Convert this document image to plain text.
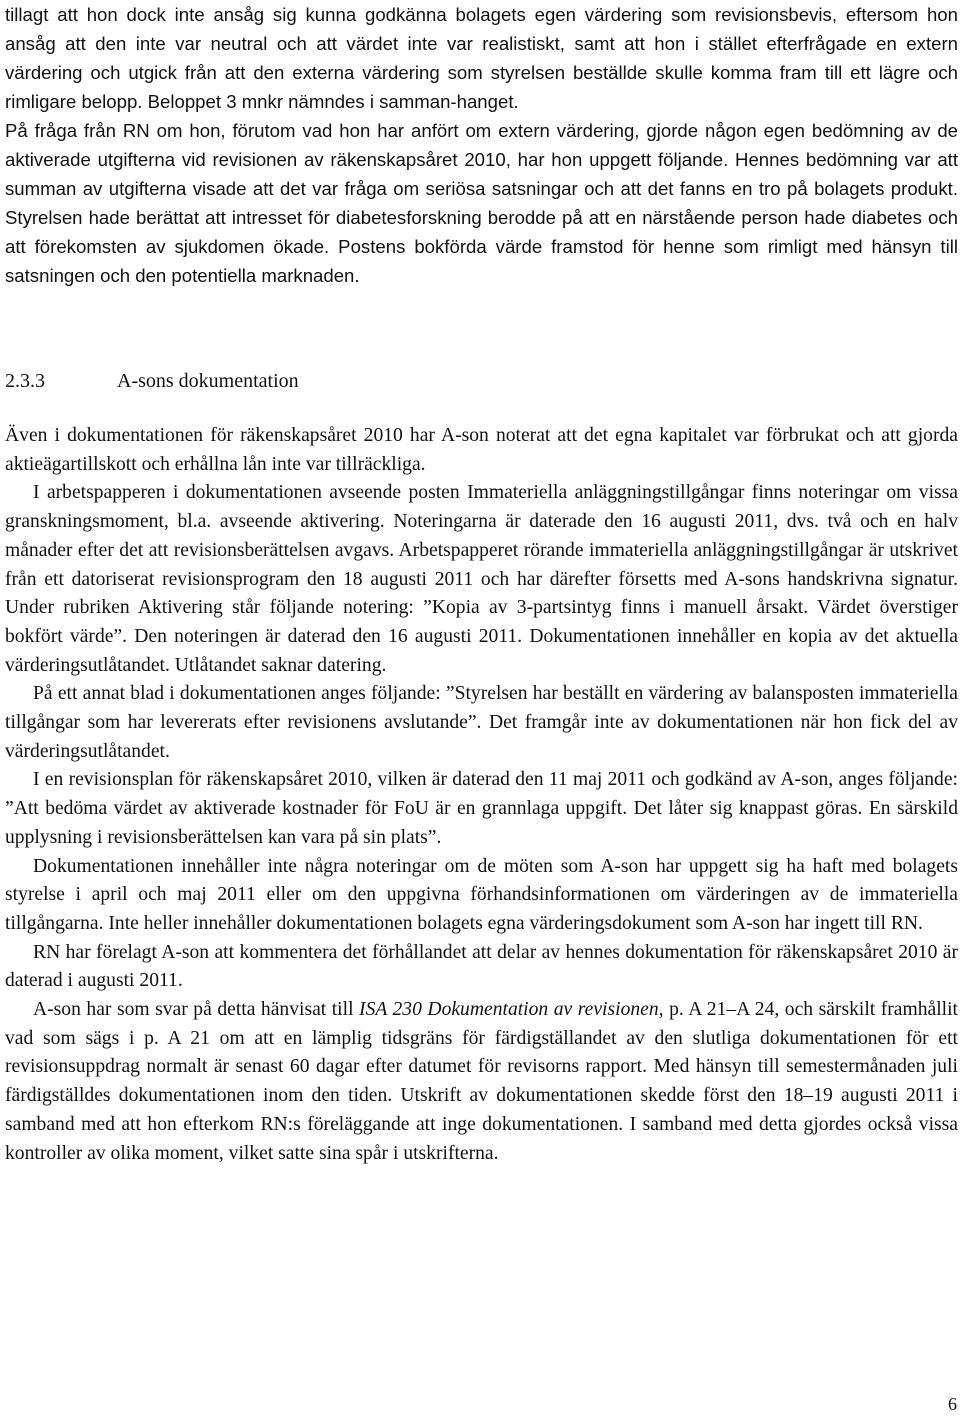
tillagt att hon dock inte ansåg sig kunna godkänna bolagets egen värdering som revisionsbevis, eftersom hon ansåg att den inte var neutral och att värdet inte var realistiskt, samt att hon i stället efterfrågade en extern värdering och utgick från att den externa värdering som styrelsen beställde skulle komma fram till ett lägre och rimligare belopp. Beloppet 3 mnkr nämndes i samman-hanget.

På fråga från RN om hon, förutom vad hon har anfört om extern värdering, gjorde någon egen bedömning av de aktiverade utgifterna vid revisionen av räkenskapsåret 2010, har hon uppgett följande. Hennes bedömning var att summan av utgifterna visade att det var fråga om seriösa satsningar och att det fanns en tro på bolagets produkt. Styrelsen hade berättat att intresset för diabetesforskning berodde på att en närstående person hade diabetes och att förekomsten av sjukdomen ökade. Postens bokförda värde framstod för henne som rimligt med hänsyn till satsningen och den potentiella marknaden.

2.3.3	A-sons dokumentation

Även i dokumentationen för räkenskapsåret 2010 har A-son noterat att det egna kapitalet var förbrukat och att gjorda aktieägartillskott och erhållna lån inte var tillräckliga.

I arbetspapperen i dokumentationen avseende posten Immateriella anläggningstillgångar finns noteringar om vissa granskningsmoment, bl.a. avseende aktivering. Noteringarna är daterade den 16 augusti 2011, dvs. två och en halv månader efter det att revisionsberättelsen avgavs. Arbetspapperet rörande immateriella anläggningstillgångar är utskrivet från ett datoriserat revisionsprogram den 18 augusti 2011 och har därefter försetts med A-sons handskrivna signatur. Under rubriken Aktivering står följande notering: ”Kopia av 3-partsintyg finns i manuell årsakt. Värdet överstiger bokfört värde”. Den noteringen är daterad den 16 augusti 2011. Dokumentationen innehåller en kopia av det aktuella värderingsutlåtandet. Utlåtandet saknar datering.

På ett annat blad i dokumentationen anges följande: ”Styrelsen har beställt en värdering av balansposten immateriella tillgångar som har levererats efter revisionens avslutande”. Det framgår inte av dokumentationen när hon fick del av värderingsutlåtandet.

I en revisionsplan för räkenskapsåret 2010, vilken är daterad den 11 maj 2011 och godkänd av A-son, anges följande: ”Att bedöma värdet av aktiverade kostnader för FoU är en grannlaga uppgift. Det låter sig knappast göras. En särskild upplysning i revisionsberättelsen kan vara på sin plats”.

Dokumentationen innehåller inte några noteringar om de möten som A-son har uppgett sig ha haft med bolagets styrelse i april och maj 2011 eller om den uppgivna förhandsinformationen om värderingen av de immateriella tillgångarna. Inte heller innehåller dokumentationen bolagets egna värderingsdokument som A-son har ingett till RN.

RN har förelagt A-son att kommentera det förhållandet att delar av hennes dokumentation för räkenskapsåret 2010 är daterad i augusti 2011.

A-son har som svar på detta hänvisat till ISA 230 Dokumentation av revisionen, p. A 21–A 24, och särskilt framhållit vad som sägs i p. A 21 om att en lämplig tidsgräns för färdigställandet av den slutliga dokumentationen för ett revisionsuppdrag normalt är senast 60 dagar efter datumet för revisorns rapport. Med hänsyn till semestermånaden juli färdigställdes dokumentationen inom den tiden. Utskrift av dokumentationen skedde först den 18–19 augusti 2011 i samband med att hon efterkom RN:s föreläggande att inge dokumentationen. I samband med detta gjordes också vissa kontroller av olika moment, vilket satte sina spår i utskrifterna.

6
